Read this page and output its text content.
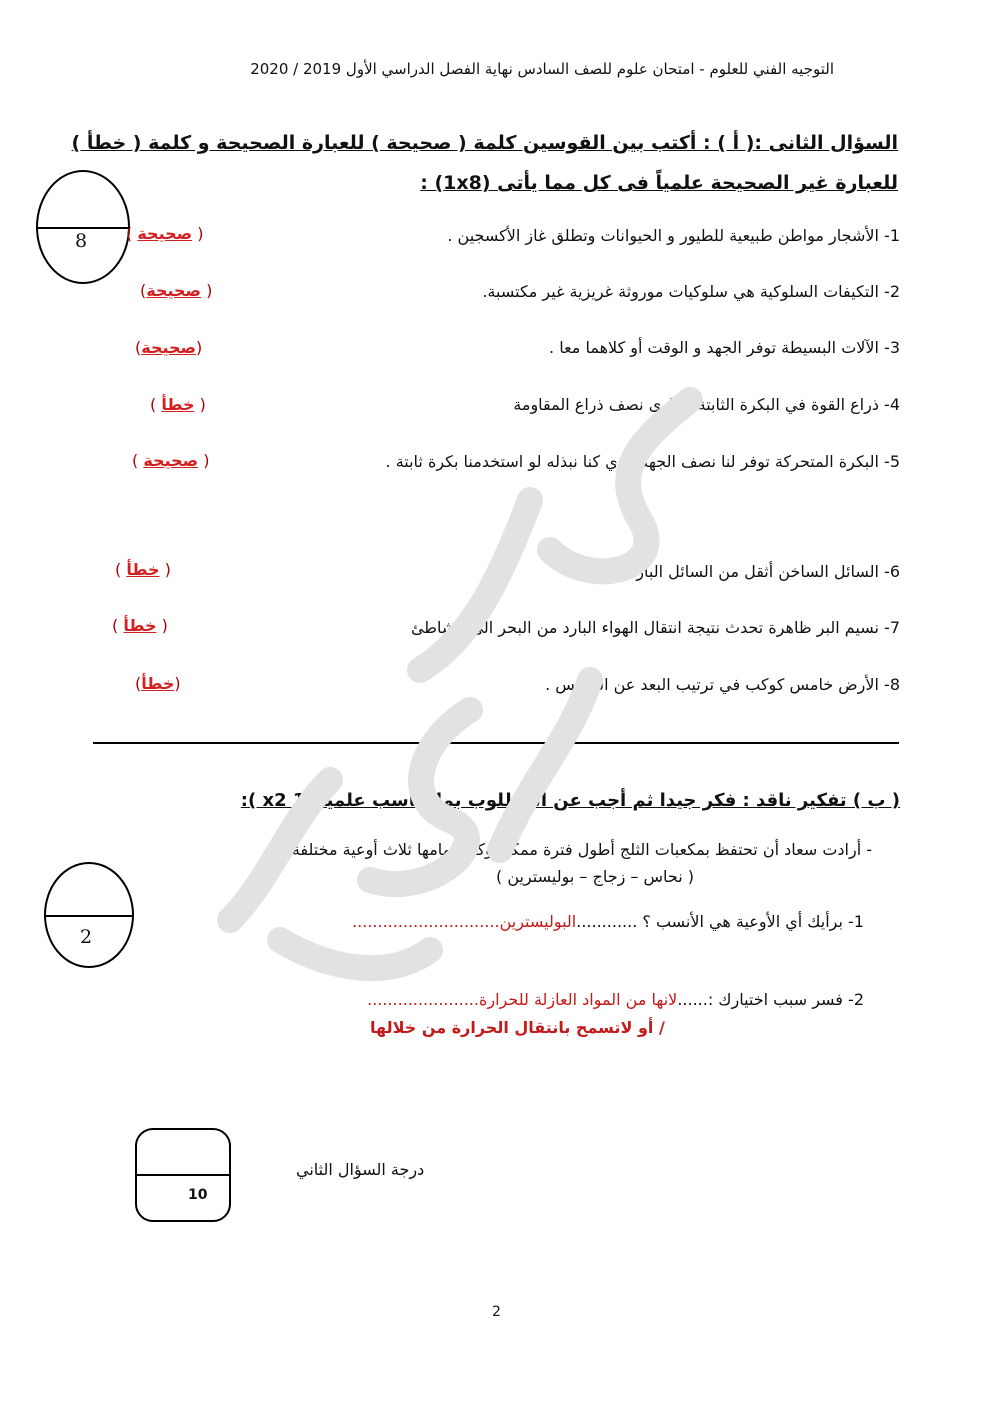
التوجيه الفني للعلوم - امتحان علوم للصف السادس نهاية الفصل الدراسي الأول 2019 / 2020
السؤال الثانى :( أ ) : أكتب بين القوسين كلمة ( صحيحة ) للعبارة الصحيحة و كلمة ( خطأ )
للعبارة غير الصحيحة علمياً فى كل مما يأتى (1x8) :
8	1- الأشجار مواطن طبيعية للطيور و الحيوانات وتطلق غاز الأكسجين .
( صحيحة )
2- التكيفات السلوكية هي سلوكيات موروثة غريزية غير مكتسبة.
( صحيحة)
3- الآلات البسيطة توفر الجهد و الوقت أو كلاهما معا .
(صحيحة)
4- ذراع القوة في البكرة الثابتة يساوى نصف ذراع المقاومة
( خطأ )
5- البكرة المتحركة توفر لنا نصف الجهد الذي كنا نبذله لو استخدمنا بكرة ثابتة .
( صحيحة )
6- السائل الساخن أثقل من السائل البارد .
( خطأ )
7- نسيم البر ظاهرة تحدث نتيجة انتقال الهواء البارد من البحر الى الشاطئ
( خطأ )
8- الأرض خامس كوكب في ترتيب البعد عن الشمس .
(خطأ)
( ب ) تفكير ناقد : فكر جيدا ثم أجب عن المطلوب بما يناسب علمياً (1 x2 ):
- أرادت سعاد أن تحتفظ بمكعبات الثلج أطول فترة ممكنة وكان امامها ثلاث أوعية مختلفة
( نحاس – زجاج – بوليسترين )
2
1- برأيك أي الأوعية هي الأنسب ؟ ............البوليسترين.............................
2- فسر سبب اختيارك :......لانها من المواد العازلة للحرارة......................
/ أو لاتسمح بانتقال الحرارة من خلالها
10
درجة السؤال الثاني
2
